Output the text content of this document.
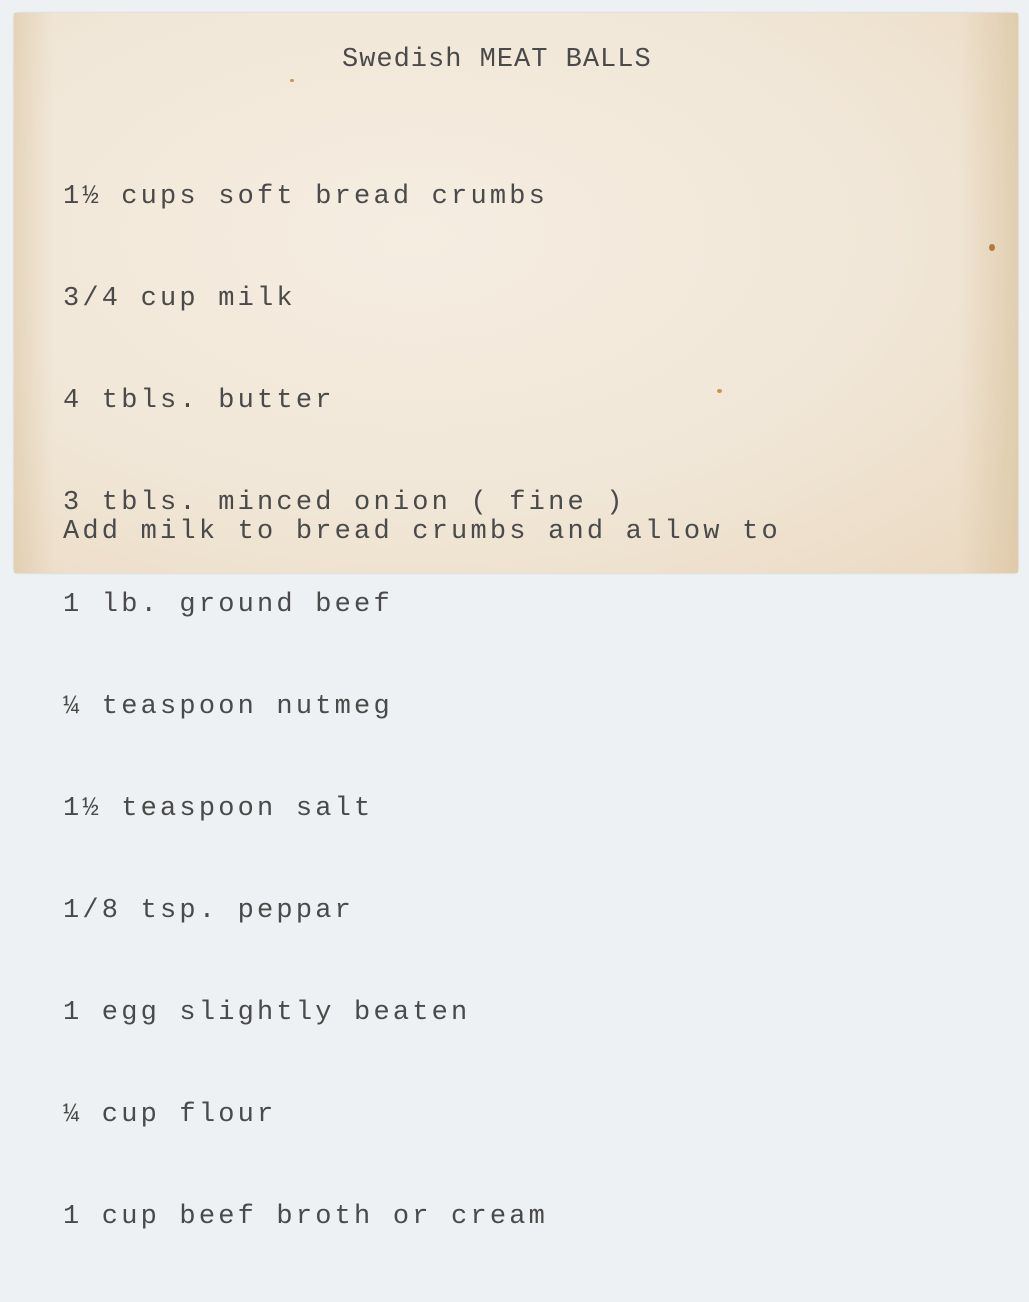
Swedish MEAT BALLS

1½ cups soft bread crumbs

3/4 cup milk

4 tbls. butter

3 tbls. minced onion ( fine )

1 lb. ground beef

¼ teaspoon nutmeg

1½ teaspoon salt

1/8 tsp. peppar

1 egg slightly beaten

¼ cup flour

1 cup beef broth or cream

Add milk to bread crumbs and allow to
